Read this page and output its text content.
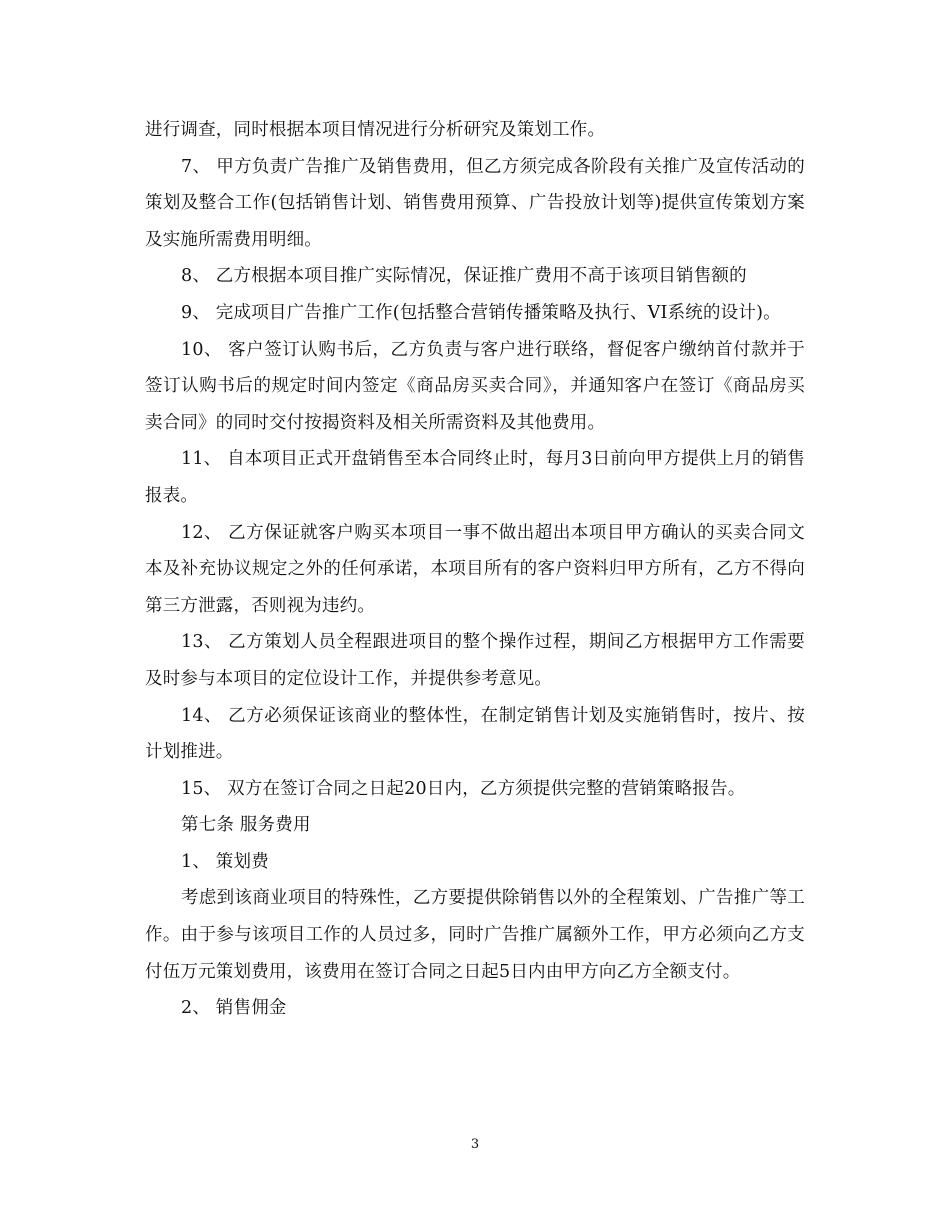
进行调查，同时根据本项目情况进行分析研究及策划工作。

7、 甲方负责广告推广及销售费用，但乙方须完成各阶段有关推广及宣传活动的策划及整合工作(包括销售计划、销售费用预算、广告投放计划等)提供宣传策划方案及实施所需费用明细。

8、 乙方根据本项目推广实际情况，保证推广费用不高于该项目销售额的

9、 完成项目广告推广工作(包括整合营销传播策略及执行、VI系统的设计)。

10、 客户签订认购书后，乙方负责与客户进行联络，督促客户缴纳首付款并于签订认购书后的规定时间内签定《商品房买卖合同》，并通知客户在签订《商品房买卖合同》的同时交付按揭资料及相关所需资料及其他费用。

11、 自本项目正式开盘销售至本合同终止时，每月3日前向甲方提供上月的销售报表。

12、 乙方保证就客户购买本项目一事不做出超出本项目甲方确认的买卖合同文本及补充协议规定之外的任何承诺，本项目所有的客户资料归甲方所有，乙方不得向第三方泄露，否则视为违约。

13、 乙方策划人员全程跟进项目的整个操作过程，期间乙方根据甲方工作需要及时参与本项目的定位设计工作，并提供参考意见。

14、 乙方必须保证该商业的整体性，在制定销售计划及实施销售时，按片、按计划推进。

15、 双方在签订合同之日起20日内，乙方须提供完整的营销策略报告。

第七条 服务费用

1、 策划费

考虑到该商业项目的特殊性，乙方要提供除销售以外的全程策划、广告推广等工作。由于参与该项目工作的人员过多，同时广告推广属额外工作，甲方必须向乙方支付伍万元策划费用，该费用在签订合同之日起5日内由甲方向乙方全额支付。

2、 销售佣金

3
